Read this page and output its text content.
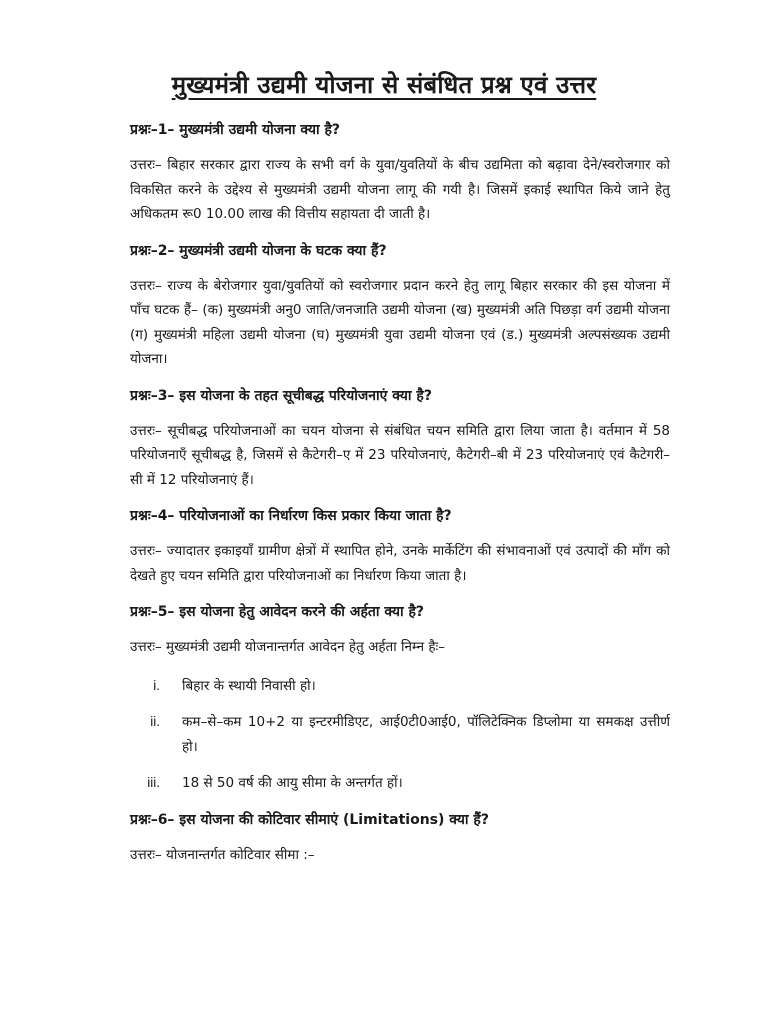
मुख्यमंत्री उद्यमी योजना से संबंधित प्रश्न एवं उत्तर

प्रश्नः–1– मुख्यमंत्री उद्यमी योजना क्या है?

उत्तरः– बिहार सरकार द्वारा राज्य के सभी वर्ग के युवा/युवतियों के बीच उद्यमिता को बढ़ावा देने/स्वरोजगार को विकसित करने के उद्देश्य से मुख्यमंत्री उद्यमी योजना लागू की गयी है। जिसमें इकाई स्थापित किये जाने हेतु अधिकतम रू0 10.00 लाख की वित्तीय सहायता दी जाती है।

प्रश्नः–2– मुख्यमंत्री उद्यमी योजना के घटक क्या हैं?

उत्तरः– राज्य के बेरोजगार युवा/युवतियों को स्वरोजगार प्रदान करने हेतु लागू बिहार सरकार की इस योजना में पाँच घटक हैं– (क) मुख्यमंत्री अनु0 जाति/जनजाति उद्यमी योजना (ख) मुख्यमंत्री अति पिछड़ा वर्ग उद्यमी योजना (ग) मुख्यमंत्री महिला उद्यमी योजना (घ) मुख्यमंत्री युवा उद्यमी योजना एवं (ड.) मुख्यमंत्री अल्पसंख्यक उद्यमी योजना।

प्रश्नः–3– इस योजना के तहत सूचीबद्ध परियोजनाएं क्या है?

उत्तरः– सूचीबद्ध परियोजनाओं का चयन योजना से संबंधित चयन समिति द्वारा लिया जाता है। वर्तमान में 58 परियोजनाएँ सूचीबद्ध है, जिसमें से कैटेगरी–ए में 23 परियोजनाएं, कैटेगरी–बी में 23 परियोजनाएं एवं कैटेगरी–सी में 12 परियोजनाएं हैं।

प्रश्नः–4– परियोजनाओं का निर्धारण किस प्रकार किया जाता है?

उत्तरः– ज्यादातर इकाइयाँ ग्रामीण क्षेत्रों में स्थापित होने, उनके मार्केटिंग की संभावनाओं एवं उत्पादों की माँग को देखते हुए चयन समिति द्वारा परियोजनाओं का निर्धारण किया जाता है।

प्रश्नः–5– इस योजना हेतु आवेदन करने की अर्हता क्या है?

उत्तरः– मुख्यमंत्री उद्यमी योजनान्तर्गत आवेदन हेतु अर्हता निम्न हैः–

i. बिहार के स्थायी निवासी हो।
ii. कम–से–कम 10+2 या इन्टरमीडिएट, आई0टी0आई0, पॉलिटेक्निक डिप्लोमा या समकक्ष उत्तीर्ण हो।
iii. 18 से 50 वर्ष की आयु सीमा के अन्तर्गत हों।

प्रश्नः–6– इस योजना की कोटिवार सीमाएं (Limitations) क्या हैं?

उत्तरः– योजनान्तर्गत कोटिवार सीमा :–
